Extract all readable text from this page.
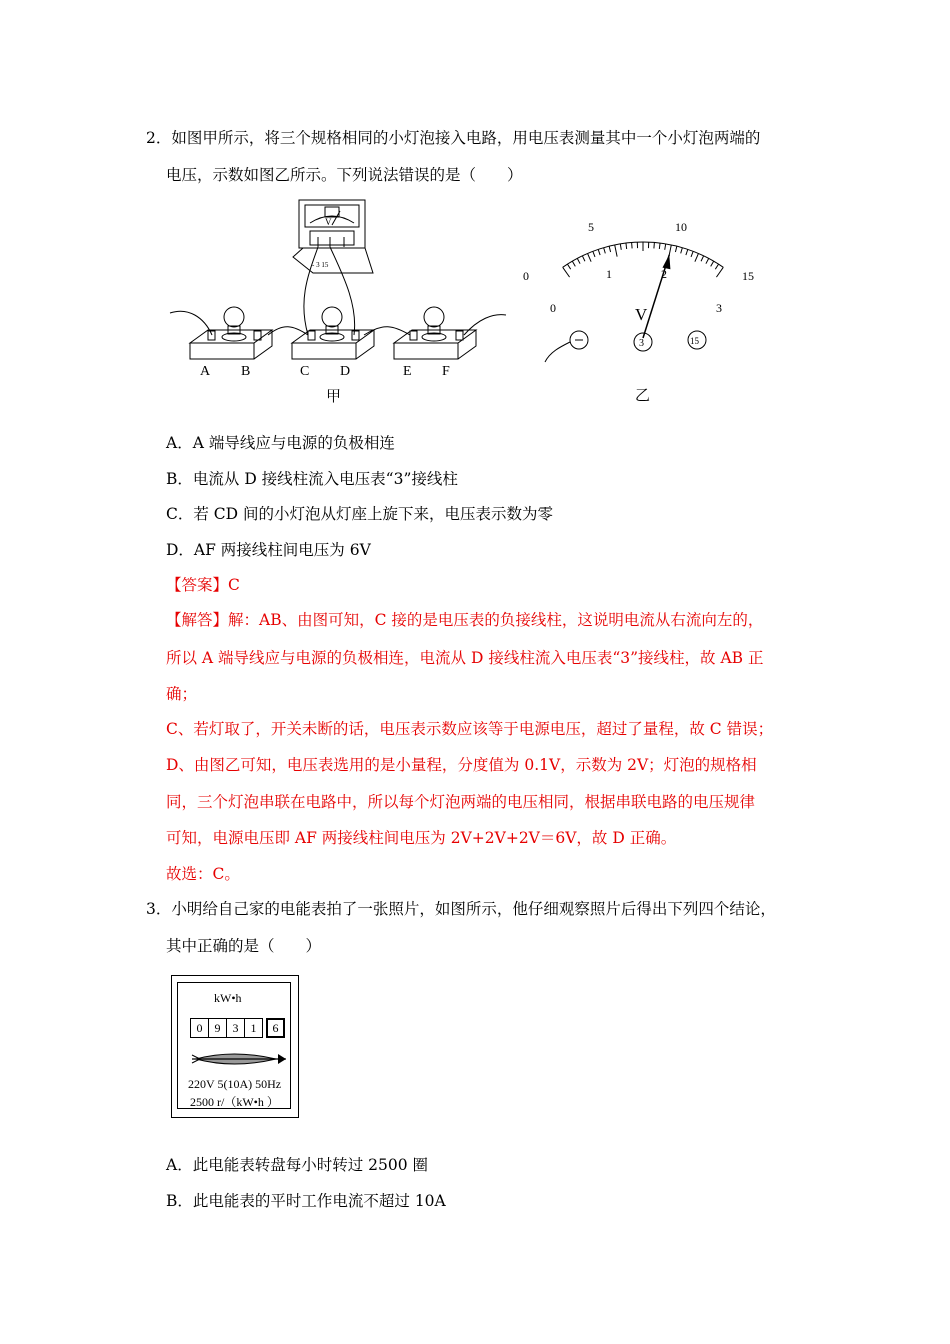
2．如图甲所示，将三个规格相同的小灯泡接入电路，用电压表测量其中一个小灯泡两端的
电压，示数如图乙所示。下列说法错误的是（　　）
V
- 3 15
A B	C D	E F
甲
0
5	10
15
0
1	2
3
V
3	15
乙
A．A 端导线应与电源的负极相连
B．电流从 D 接线柱流入电压表“3”接线柱
C．若 CD 间的小灯泡从灯座上旋下来，电压表示数为零
D．AF 两接线柱间电压为 6V
【答案】C
【解答】解：AB、由图可知，C 接的是电压表的负接线柱，这说明电流从右流向左的，
所以 A 端导线应与电源的负极相连，电流从 D 接线柱流入电压表“3”接线柱，故 AB 正
确；
C、若灯取了，开关未断的话，电压表示数应该等于电源电压，超过了量程，故 C 错误；
D、由图乙可知，电压表选用的是小量程，分度值为 0.1V，示数为 2V；灯泡的规格相
同，三个灯泡串联在电路中，所以每个灯泡两端的电压相同，根据串联电路的电压规律
可知，电源电压即 AF 两接线柱间电压为 2V+2V+2V＝6V，故 D 正确。
故选：C。
3．小明给自己家的电能表拍了一张照片，如图所示，他仔细观察照片后得出下列四个结论，
其中正确的是（　　）
kW•h
0	9	3	1	6
220V 5(10A) 50Hz
2500 r/（kW•h ）
A．此电能表转盘每小时转过 2500 圈
B．此电能表的平时工作电流不超过 10A
